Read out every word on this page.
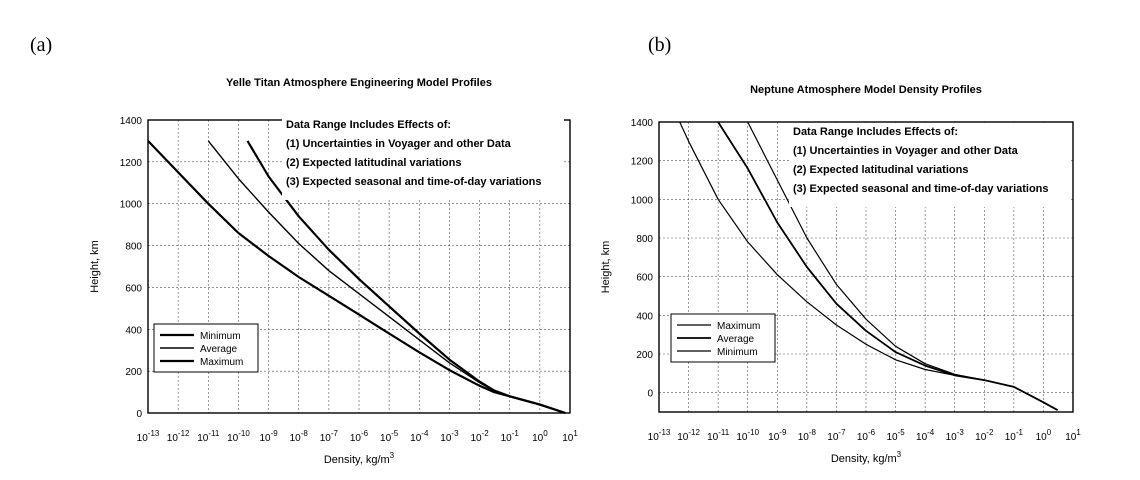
(a)	(b)
Yelle Titan Atmosphere Engineering Model Profiles
$10^{-13}$ $10^{-12}$ $10^{-11}$ $10^{-10}$ $10^{-9}$ $10^{-8}$ $10^{-7}$ $10^{-6}$ $10^{-5}$ $10^{-4}$ $10^{-3}$ $10^{-2}$ $10^{-1}$ $10^0$ $10^1$
0
200
400
600
800
1000
1200
1400
Density, $kg/m^3$
Height, km
Data Range Includes Effects of:
(1) Uncertainties in Voyager and other Data
(2) Expected latitudinal variations
(3) Expected seasonal and time-of-day variations
Minimum
Average
Maximum
Neptune Atmosphere Model Density Profiles
$10^{-13}$ $10^{-12}$ $10^{-11}$ $10^{-10}$ $10^{-9}$ $10^{-8}$ $10^{-7}$ $10^{-6}$ $10^{-5}$ $10^{-4}$ $10^{-3}$ $10^{-2}$ $10^{-1}$ $10^0$ $10^1$
0
200
400
600
800
1000
1200
1400
Density, $kg/m^3$
Height, km
Data Range Includes Effects of:
(1) Uncertainties in Voyager and other Data
(2) Expected latitudinal variations
(3) Expected seasonal and time-of-day variations
Maximum
Average
Minimum
